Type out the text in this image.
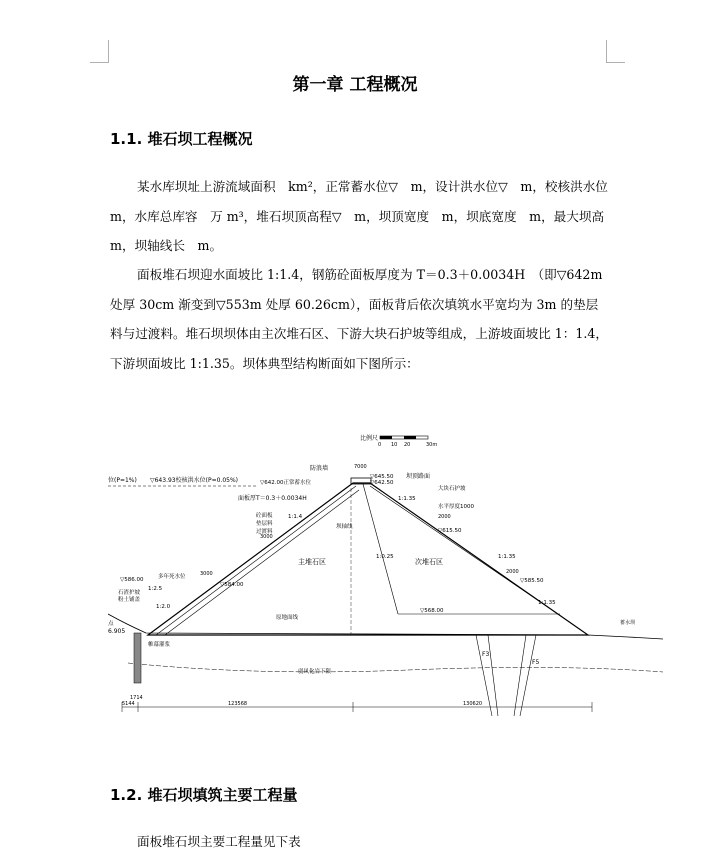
第一章 工程概况
1.1. 堆石坝工程概况

某水库坝址上游流域面积　km²，正常蓄水位▽　m，设计洪水位▽　m，校核洪水位　m，水库总库容　万 m³，堆石坝顶高程▽　m，坝顶宽度　m，坝底宽度　m，最大坝高　m，坝轴线长　m。

面板堆石坝迎水面坡比 1:1.4，钢筋砼面板厚度为 T＝0.3＋0.0034H　（即▽642m 处厚 30cm 渐变到▽553m 处厚 60.26cm），面板背后依次填筑水平宽均为 3m 的垫层料与过渡料。堆石坝坝体由主次堆石区、下游大块石护坡等组成，上游坡面坡比 1：1.4，下游坝面坡比 1:1.35。坝体典型结构断面如下图所示：

比例尺
0 10 20	30m
位(P=1%) ▽643.93校核洪水位(P=0.05%)	▽642.00正常蓄水位
防浪墙	7000
▽645.50
▽642.50
坝顶路面
面板厚T＝0.3＋0.0034H
砼面板
垫层料
过渡料
3000
1:1.4
主堆石区	次堆石区
坝轴线
1:0.25
大块石护坡
水平厚度1000
2000
▽615.50
1:1.35
1:1.35
1:1.35
2000
▽585.50
多年死水位	3000
▽586.00
▽584.00
1:2.5
石渣护坡
粉土铺盖
1:2.0
▽568.00
原地面线
点
6.905
帷幕灌浆
弱风化岩下限
F3
F5
蓄水坝
1714
5144	123568	130620
1.2. 堆石坝填筑主要工程量

面板堆石坝主要工程量见下表
